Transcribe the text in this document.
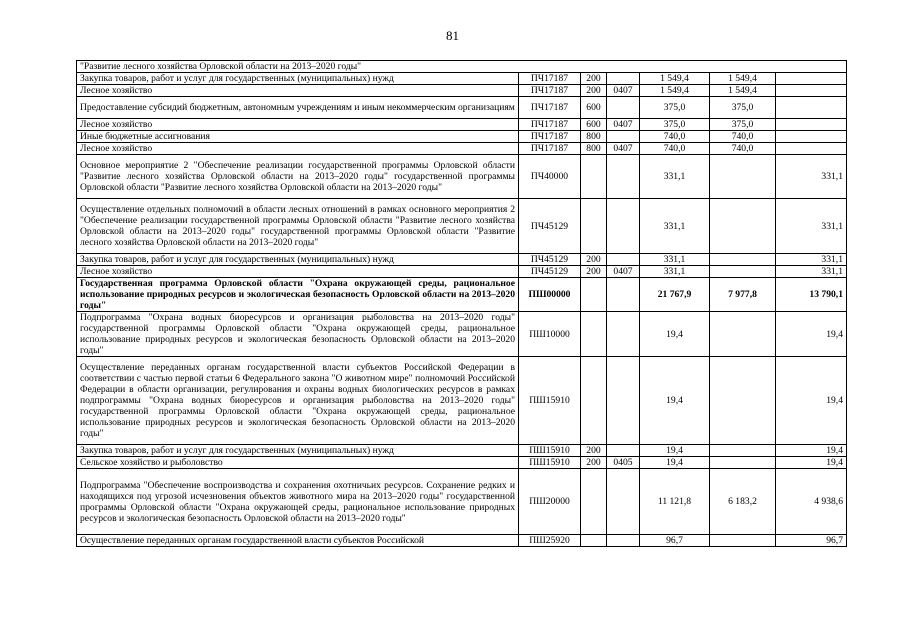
81
"Развитие лесного хозяйства Орловской области на 2013–2020 годы"						
Закупка товаров, работ и услуг для государственных (муниципальных) нужд	ПЧ17187	200		1 549,4	1 549,4	
Лесное хозяйство	ПЧ17187	200	0407	1 549,4	1 549,4	
Предоставление субсидий бюджетным, автономным учреждениям и иным некоммерческим организациям	ПЧ17187	600		375,0	375,0	
Лесное хозяйство	ПЧ17187	600	0407	375,0	375,0	
Иные бюджетные ассигнования	ПЧ17187	800		740,0	740,0	
Лесное хозяйство	ПЧ17187	800	0407	740,0	740,0	
Основное мероприятие 2 "Обеспечение реализации государственной программы Орловской области "Развитие лесного хозяйства Орловской области на 2013–2020 годы" государственной программы Орловской области "Развитие лесного хозяйства Орловской области на 2013–2020 годы"	ПЧ40000			331,1		331,1
Осуществление отдельных полномочий в области лесных отношений в рамках основного мероприятия 2 "Обеспечение реализации государственной программы Орловской области "Развитие лесного хозяйства Орловской области на 2013–2020 годы" государственной программы Орловской области "Развитие лесного хозяйства Орловской области на 2013–2020 годы"	ПЧ45129			331,1		331,1
Закупка товаров, работ и услуг для государственных (муниципальных) нужд	ПЧ45129	200		331,1		331,1
Лесное хозяйство	ПЧ45129	200	0407	331,1		331,1
Государственная программа Орловской области "Охрана окружающей среды, рациональное использование природных ресурсов и экологическая безопасность Орловской области на 2013–2020 годы"	ПШ00000			21 767,9	7 977,8	13 790,1
Подпрограмма "Охрана водных биоресурсов и организация рыболовства на 2013–2020 годы" государственной программы Орловской области "Охрана окружающей среды, рациональное использование природных ресурсов и экологическая безопасность Орловской области на 2013–2020 годы"	ПШ10000			19,4		19,4
Осуществление переданных органам государственной власти субъектов Российской Федерации в соответствии с частью первой статьи 6 Федерального закона "О животном мире" полномочий Российской Федерации в области организации, регулирования и охраны водных биологических ресурсов в рамках подпрограммы "Охрана водных биоресурсов и организация рыболовства на 2013–2020 годы" государственной программы Орловской области "Охрана окружающей среды, рациональное использование природных ресурсов и экологическая безопасность Орловской области на 2013–2020 годы"	ПШ15910			19,4		19,4
Закупка товаров, работ и услуг для государственных (муниципальных) нужд	ПШ15910	200		19,4		19,4
Сельское хозяйство и рыболовство	ПШ15910	200	0405	19,4		19,4
Подпрограмма "Обеспечение воспроизводства и сохранения охотничьих ресурсов. Сохранение редких и находящихся под угрозой исчезновения объектов животного мира на 2013–2020 годы" государственной программы Орловской области "Охрана окружающей среды, рациональное использование природных ресурсов и экологическая безопасность Орловской области на 2013–2020 годы"	ПШ20000			11 121,8	6 183,2	4 938,6
Осуществление переданных органам государственной власти субъектов Российской	ПШ25920			96,7		96,7
